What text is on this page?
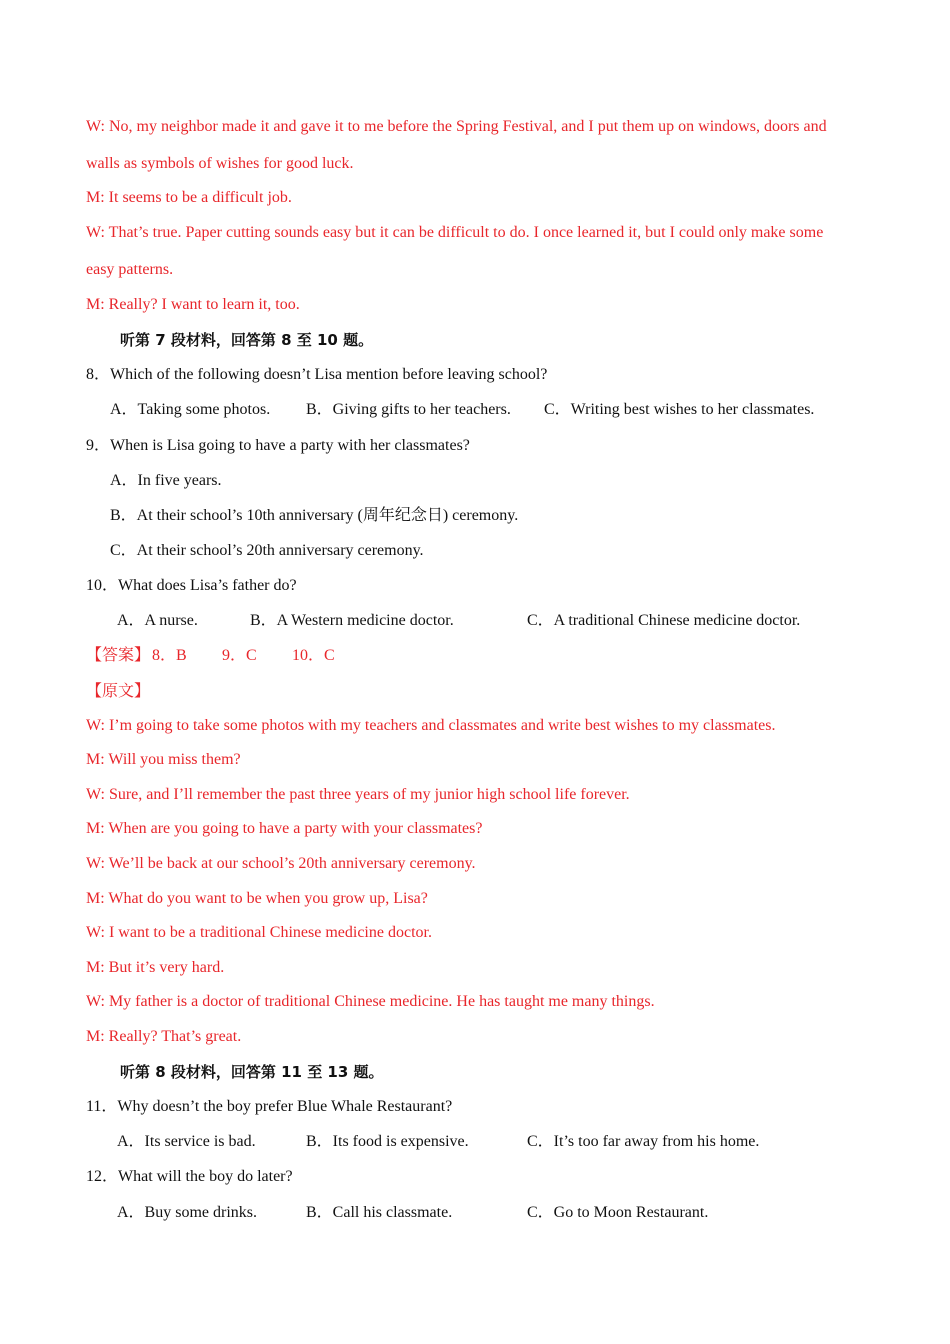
W: No, my neighbor made it and gave it to me before the Spring Festival, and I put them up on windows, doors and
walls as symbols of wishes for good luck.
M: It seems to be a difficult job.
W: That’s true. Paper cutting sounds easy but it can be difficult to do. I once learned it, but I could only make some
easy patterns.
M: Really? I want to learn it, too.
听第 7 段材料，回答第 8 至 10 题。
8．Which of the following doesn’t Lisa mention before leaving school?
A．Taking some photos. B．Giving gifts to her teachers. C．Writing best wishes to her classmates.
9．When is Lisa going to have a party with her classmates?
A．In five years.
B．At their school’s 10th anniversary (周年纪念日) ceremony.
C．At their school’s 20th anniversary ceremony.
10．What does Lisa’s father do?
A．A nurse.	B．A Western medicine doctor.	C．A traditional Chinese medicine doctor.
【答案】 8．B 9．C 10．C
【原文】
W: I’m going to take some photos with my teachers and classmates and write best wishes to my classmates.
M: Will you miss them?
W: Sure, and I’ll remember the past three years of my junior high school life forever.
M: When are you going to have a party with your classmates?
W: We’ll be back at our school’s 20th anniversary ceremony.
M: What do you want to be when you grow up, Lisa?
W: I want to be a traditional Chinese medicine doctor.
M: But it’s very hard.
W: My father is a doctor of traditional Chinese medicine. He has taught me many things.
M: Really? That’s great.
听第 8 段材料，回答第 11 至 13 题。
11．Why doesn’t the boy prefer Blue Whale Restaurant?
A．Its service is bad.	B．Its food is expensive.	C．It’s too far away from his home.
12．What will the boy do later?
A．Buy some drinks.	B．Call his classmate.	C．Go to Moon Restaurant.
